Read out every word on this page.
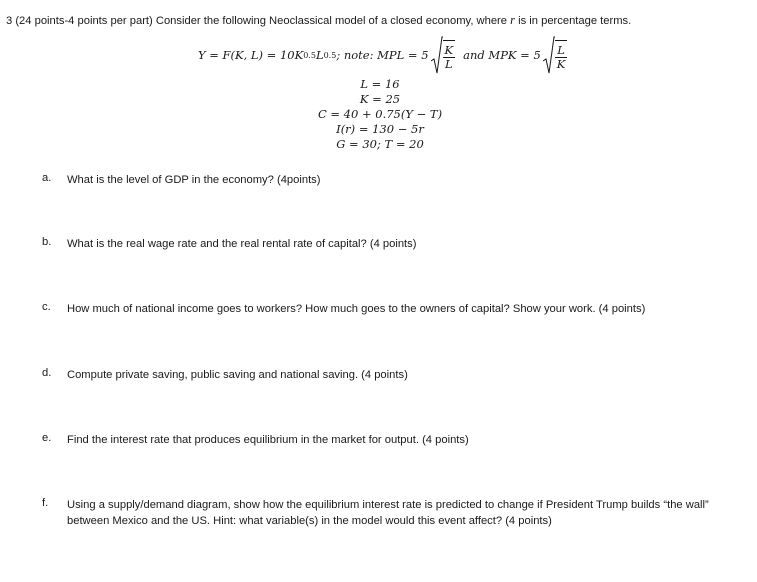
3 (24 points-4 points per part) Consider the following Neoclassical model of a closed economy, where r is in percentage terms.
Y = F(K, L) = 10K 0.5 L 0.5 ; note: MPL = $5 \frac{K}{L}$ and MPK = $5 \frac{L}{K}$
L = 16
K = 25
C = 40 + 0.75(Y − T)
I(r) = 130 − 5r
G = 30; T = 20
a. What is the level of GDP in the economy? (4points)
b. What is the real wage rate and the real rental rate of capital? (4 points)
c. How much of national income goes to workers? How much goes to the owners of capital? Show your work. (4 points)
d. Compute private saving, public saving and national saving. (4 points)
e. Find the interest rate that produces equilibrium in the market for output. (4 points)
f. Using a supply/demand diagram, show how the equilibrium interest rate is predicted to change if President Trump builds “the wall” between Mexico and the US. Hint: what variable(s) in the model would this event affect? (4 points)
